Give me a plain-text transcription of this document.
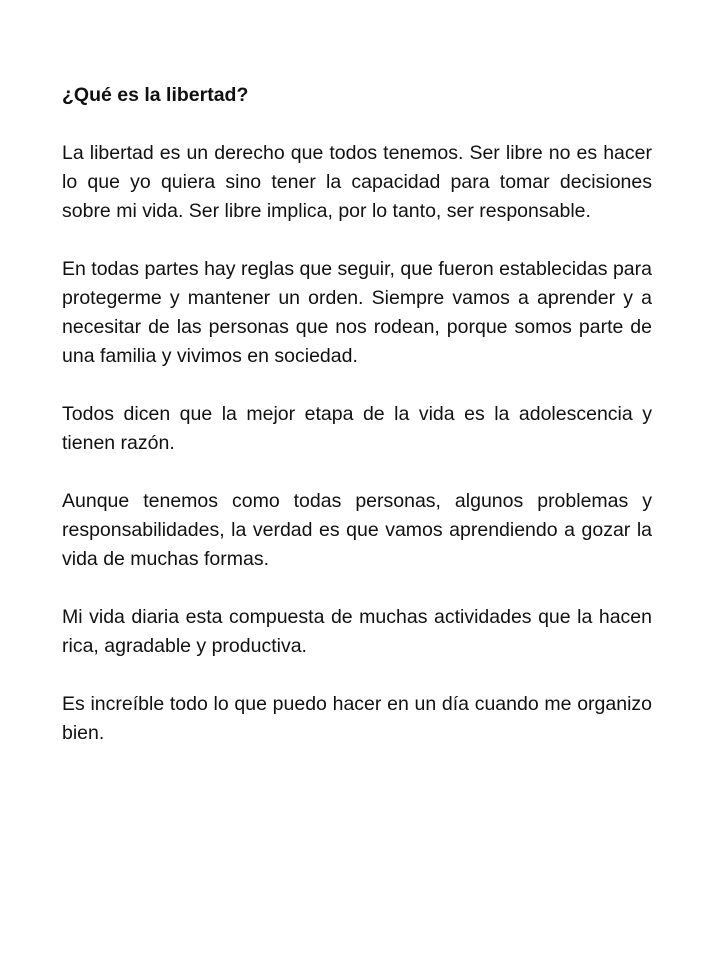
¿Qué es la libertad?

La libertad es un derecho que todos tenemos. Ser libre no es hacer lo que yo quiera sino tener la capacidad para tomar decisiones sobre mi vida. Ser libre implica, por lo tanto, ser responsable.

En todas partes hay reglas que seguir, que fueron establecidas para protegerme y mantener un orden. Siempre vamos a aprender y a necesitar de las personas que nos rodean, porque somos parte de una familia y vivimos en sociedad.

Todos dicen que la mejor etapa de la vida es la adolescencia y tienen razón.

Aunque tenemos como todas personas, algunos problemas y responsabilidades, la verdad es que vamos aprendiendo a gozar la vida de muchas formas.

Mi vida diaria esta compuesta de muchas actividades que la hacen rica, agradable y productiva.

Es increíble todo lo que puedo hacer en un día cuando me organizo bien.
